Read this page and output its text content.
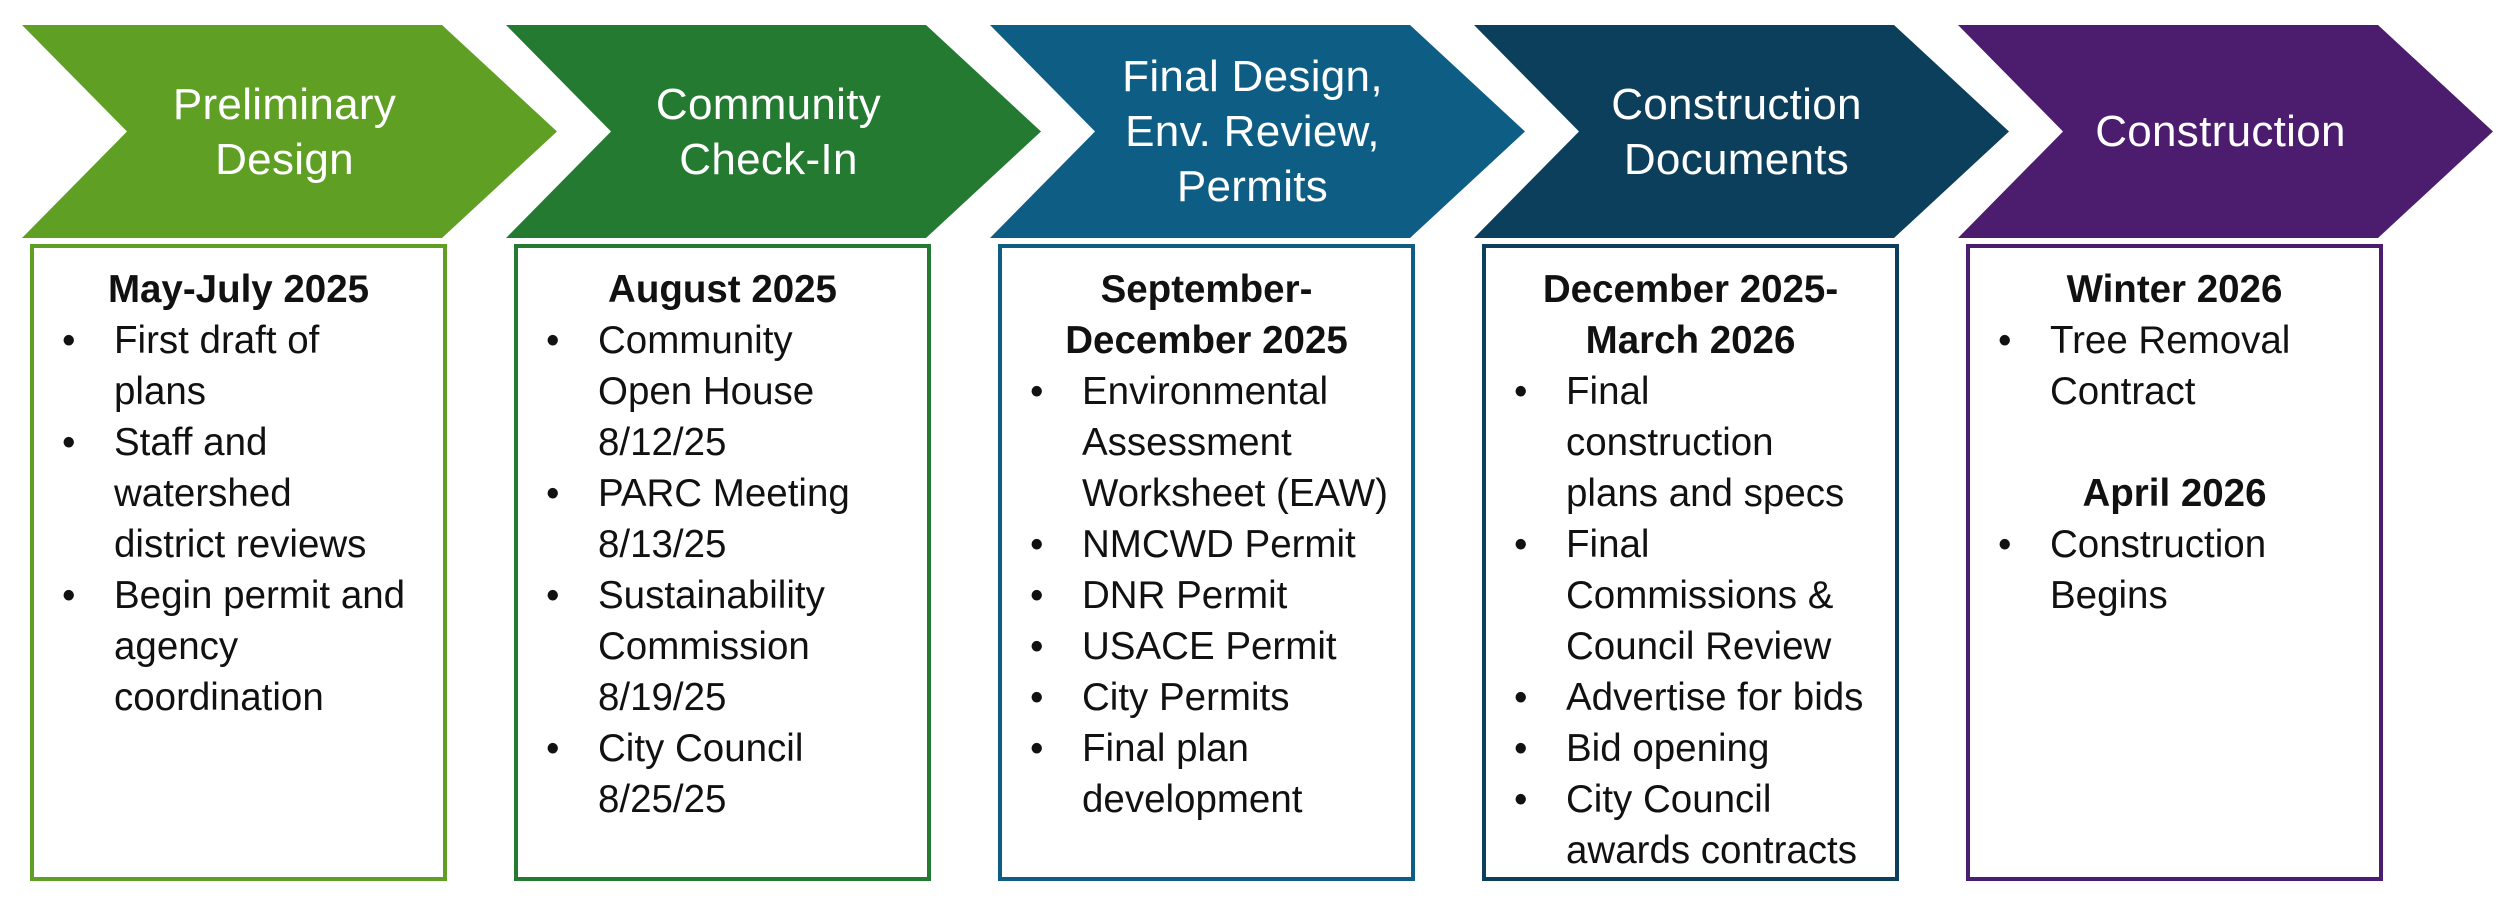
Preliminary
Design
May-July 2025
• First draft of
plans
• Staff and
watershed
district reviews
• Begin permit and
agency
coordination
Community
Check-In
August 2025
• Community
Open House
8/12/25
• PARC Meeting
8/13/25
• Sustainability
Commission
8/19/25
• City Council
8/25/25
Final Design,
Env. Review,
Permits
September-
December 2025
• Environmental
Assessment
Worksheet (EAW)
• NMCWD Permit
• DNR Permit
• USACE Permit
• City Permits
• Final plan
development
Construction
Documents
December 2025-
March 2026
• Final
construction
plans and specs
• Final
Commissions &
Council Review
• Advertise for bids
• Bid opening
• City Council
awards contracts
Construction
Winter 2026
• Tree Removal
Contract
April 2026
• Construction Begins
